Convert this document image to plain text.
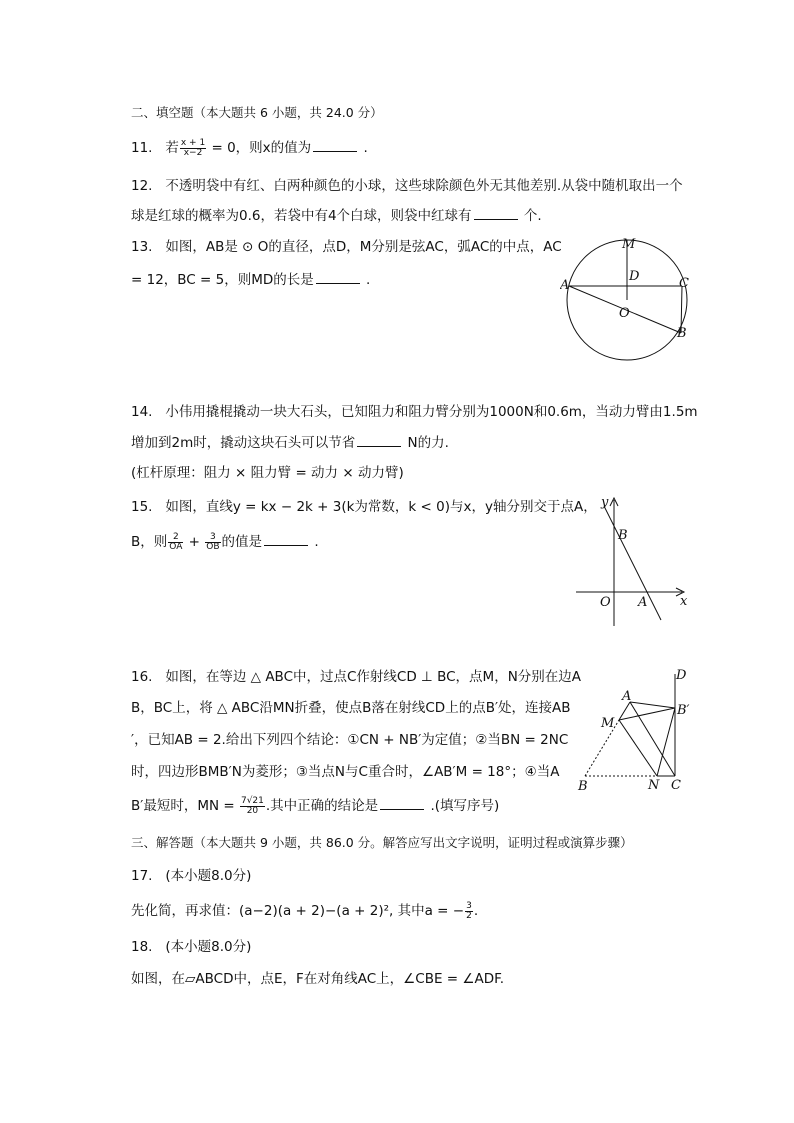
二、填空题（本大题共 6 小题，共 24.0 分）
11. 若 $\frac{x + 1}{x-2} = 0$，则x的值为	.
12. 不透明袋中有红、白两种颜色的小球，这些球除颜色外无其他差别.从袋中随机取出一个
球是红球的概率为0.6，若袋中有4个白球，则袋中红球有	个.
13. 如图，AB是 ⊙ O的直径，点D，M分别是弦AC，弧AC的中点，AC
= 12，BC = 5，则MD的长是	.
M
D
A	C
O
B
14. 小伟用撬棍撬动一块大石头，已知阻力和阻力臂分别为1000N和0.6m，当动力臂由1.5m
增加到2m时，撬动这块石头可以节省	N的力.
(杠杆原理：阻力 × 阻力臂 = 动力 × 动力臂)
15. 如图，直线y = kx − 2k + 3(k为常数，k < 0)与x，y轴分别交于点A，
B，则 $\frac{2}{OA} + \frac{3}{OB}$ 的值是	.
y
x
B
O A
16. 如图，在等边 △ ABC中，过点C作射线CD ⊥ BC，点M，N分别在边A
B，BC上，将 △ ABC沿MN折叠，使点B落在射线CD上的点B′处，连接AB
′，已知AB = 2.给出下列四个结论：①CN + NB′为定值；②当BN = 2NC
时，四边形BMB′N为菱形；③当点N与C重合时，∠AB′M = 18°；④当A
B′最短时，MN = $\frac{7√21}{20}$ .其中正确的结论是	.(填写序号)
D
A
B′
M
B	N C
三、解答题（本大题共 9 小题，共 86.0 分。解答应写出文字说明，证明过程或演算步骤）
17. (本小题8.0分)
先化简，再求值：(a−2)(a + 2)−(a + 2)², 其中a = − $\frac{3}{2}$ .
18. (本小题8.0分)
如图，在▱ABCD中，点E，F在对角线AC上，∠CBE = ∠ADF.
